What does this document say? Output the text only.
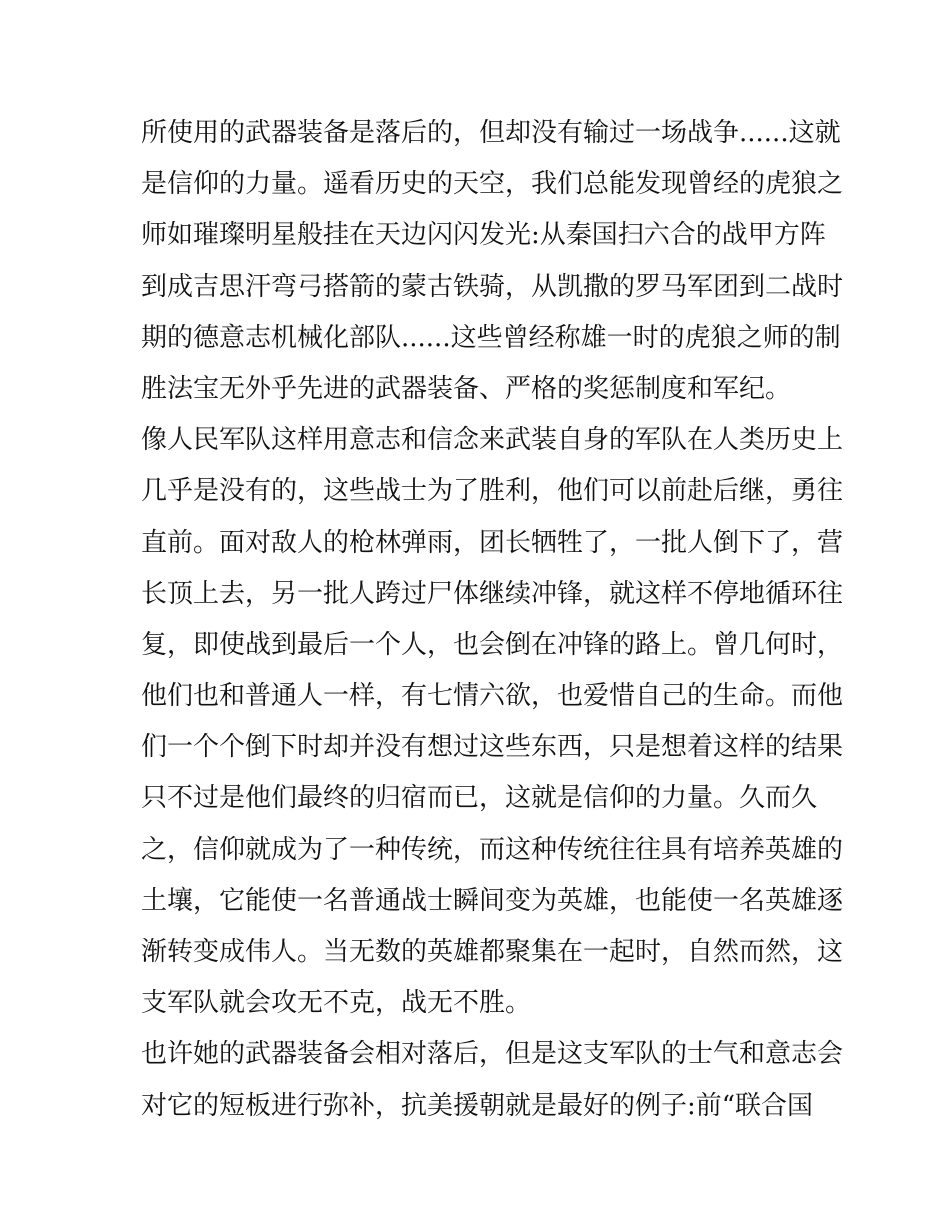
所使用的武器装备是落后的，但却没有输过一场战争......这就
是信仰的力量。遥看历史的天空，我们总能发现曾经的虎狼之
师如璀璨明星般挂在天边闪闪发光:从秦国扫六合的战甲方阵
到成吉思汗弯弓搭箭的蒙古铁骑，从凯撒的罗马军团到二战时
期的德意志机械化部队......这些曾经称雄一时的虎狼之师的制
胜法宝无外乎先进的武器装备、严格的奖惩制度和军纪。
像人民军队这样用意志和信念来武装自身的军队在人类历史上
几乎是没有的，这些战士为了胜利，他们可以前赴后继，勇往
直前。面对敌人的枪林弹雨，团长牺牲了，一批人倒下了，营
长顶上去，另一批人跨过尸体继续冲锋，就这样不停地循环往
复，即使战到最后一个人，也会倒在冲锋的路上。曾几何时，
他们也和普通人一样，有七情六欲，也爱惜自己的生命。而他
们一个个倒下时却并没有想过这些东西，只是想着这样的结果
只不过是他们最终的归宿而已，这就是信仰的力量。久而久
之，信仰就成为了一种传统，而这种传统往往具有培养英雄的
土壤，它能使一名普通战士瞬间变为英雄，也能使一名英雄逐
渐转变成伟人。当无数的英雄都聚集在一起时，自然而然，这
支军队就会攻无不克，战无不胜。
也许她的武器装备会相对落后，但是这支军队的士气和意志会
对它的短板进行弥补，抗美援朝就是最好的例子:前“联合国
